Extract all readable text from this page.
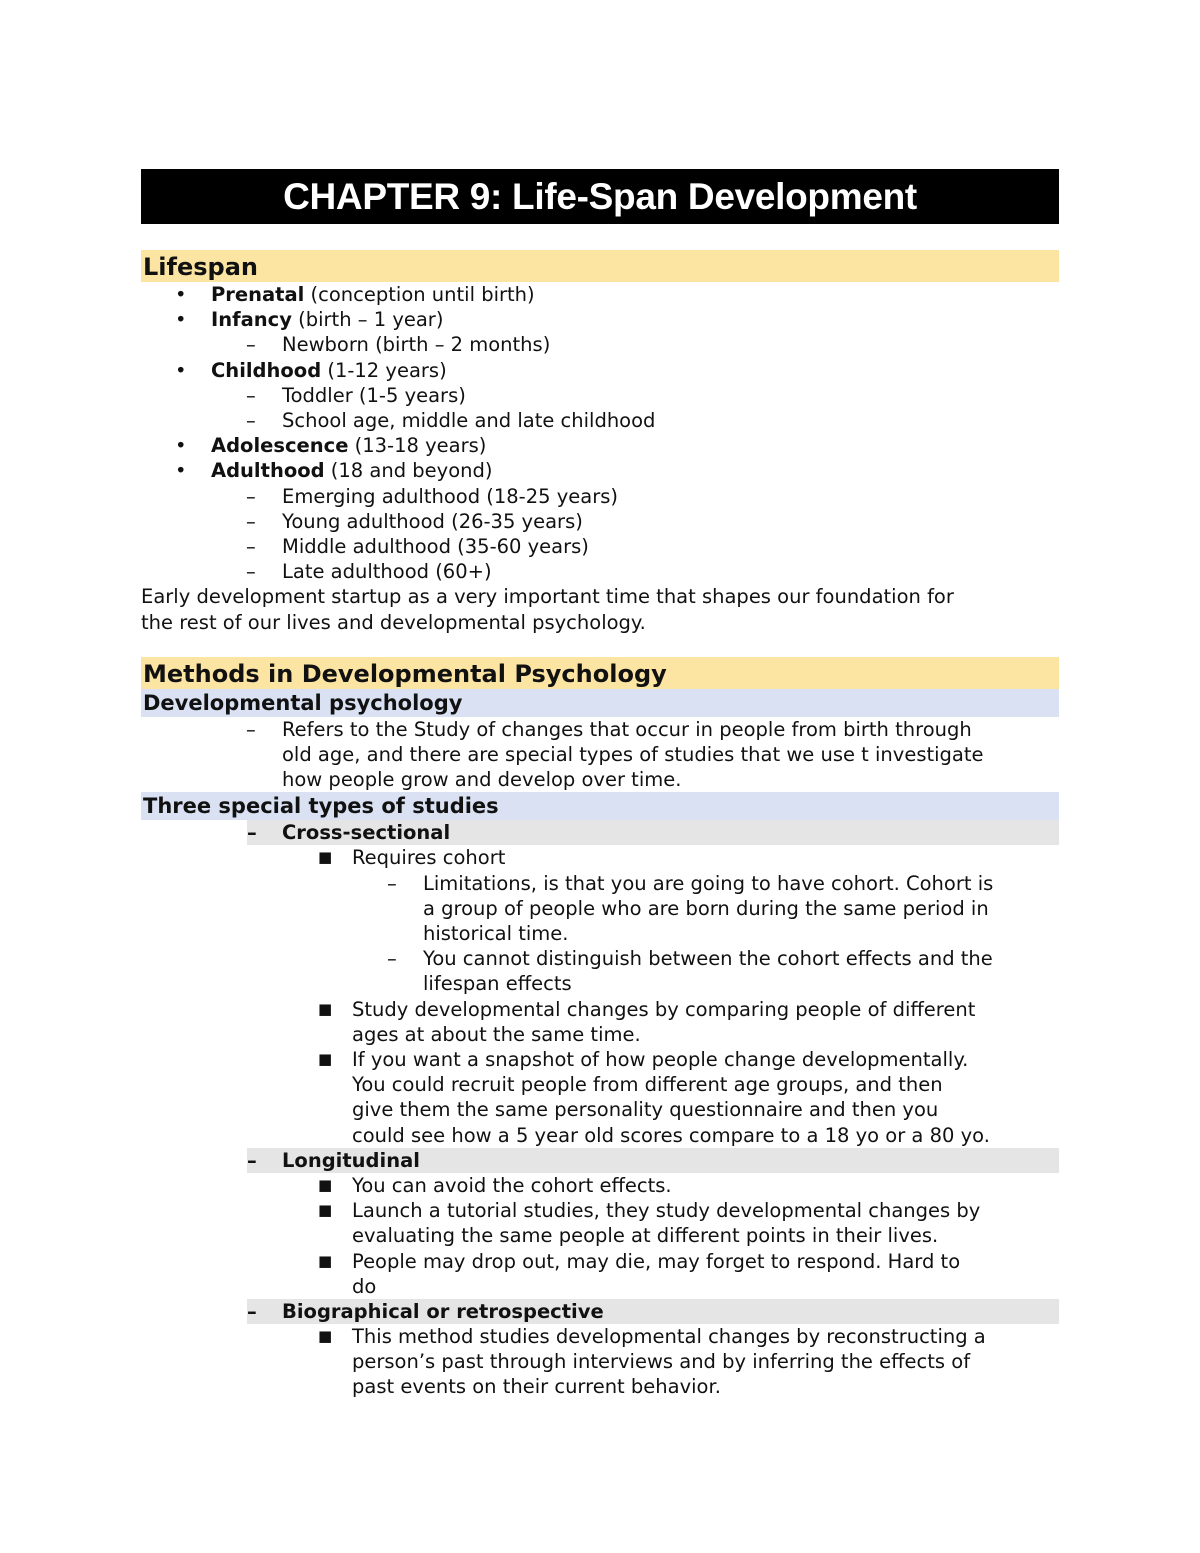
CHAPTER 9: Life-Span Development
Lifespan
• Prenatal (conception until birth)
• Infancy (birth – 1 year)
– Newborn (birth – 2 months)
• Childhood (1-12 years)
– Toddler (1-5 years)
– School age, middle and late childhood
• Adolescence (13-18 years)
• Adulthood (18 and beyond)
– Emerging adulthood (18-25 years)
– Young adulthood (26-35 years)
– Middle adulthood (35-60 years)
– Late adulthood (60+)
Early development startup as a very important time that shapes our foundation for
the rest of our lives and developmental psychology.
Methods in Developmental Psychology
Developmental psychology
– Refers to the Study of changes that occur in people from birth through
old age, and there are special types of studies that we use t investigate
how people grow and develop over time.
Three special types of studies
– Cross-sectional
■ Requires cohort
– Limitations, is that you are going to have cohort. Cohort is
a group of people who are born during the same period in
historical time.
– You cannot distinguish between the cohort effects and the
lifespan effects
■ Study developmental changes by comparing people of different
ages at about the same time.
■ If you want a snapshot of how people change developmentally.
You could recruit people from different age groups, and then
give them the same personality questionnaire and then you
could see how a 5 year old scores compare to a 18 yo or a 80 yo.
– Longitudinal
■ You can avoid the cohort effects.
■ Launch a tutorial studies, they study developmental changes by
evaluating the same people at different points in their lives.
■ People may drop out, may die, may forget to respond. Hard to
do
– Biographical or retrospective
■ This method studies developmental changes by reconstructing a
person’s past through interviews and by inferring the effects of
past events on their current behavior.
